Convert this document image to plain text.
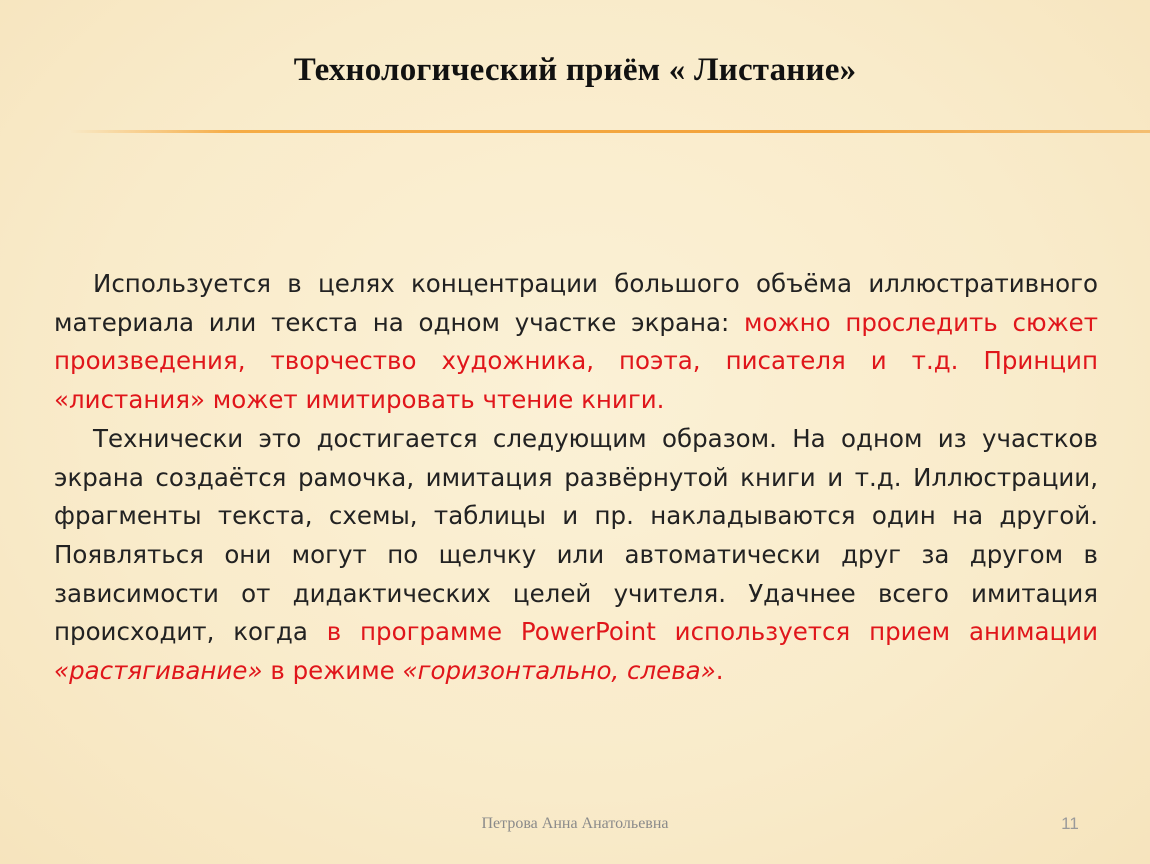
Технологический приём « Листание»

Используется в целях концентрации большого объёма иллюстративного материала или текста на одном участке экрана: можно проследить сюжет произведения, творчество художника, поэта, писателя и т.д. Принцип «листания» может имитировать чтение книги.

Технически это достигается следующим образом. На одном из участков экрана создаётся рамочка, имитация развёрнутой книги и т.д. Иллюстрации, фрагменты текста, схемы, таблицы и пр. накладываются один на другой. Появляться они могут по щелчку или автоматически друг за другом в зависимости от дидактических целей учителя. Удачнее всего имитация происходит, когда в программе PowerPoint используется прием анимации «растягивание» в режиме «горизонтально, слева».

Петрова Анна Анатольевна	11
